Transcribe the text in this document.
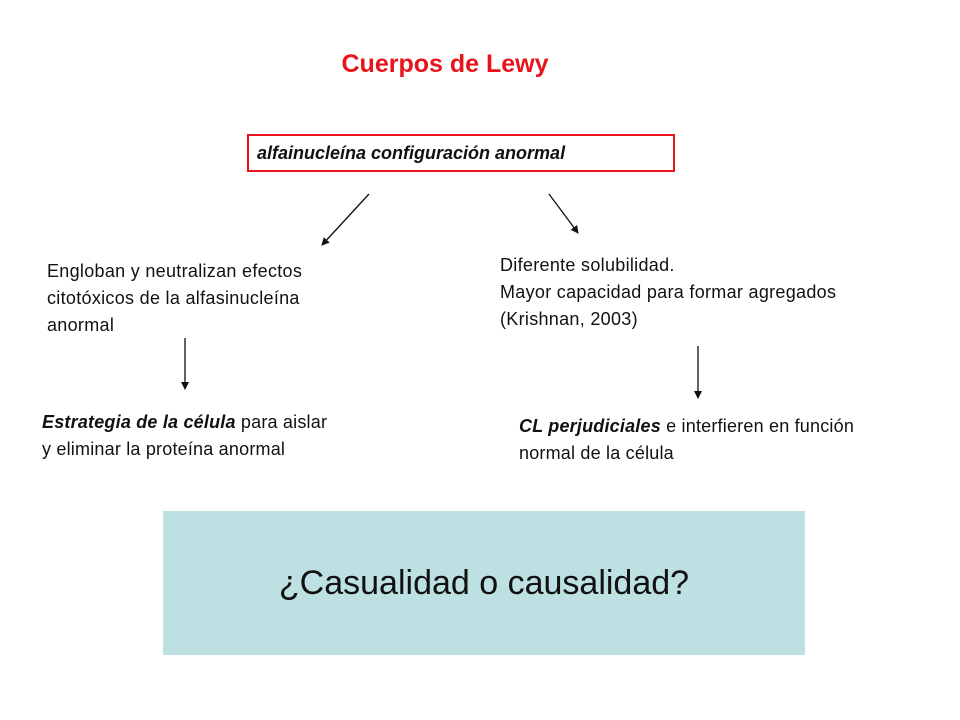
Cuerpos de Lewy
alfainucleína configuración anormal
Engloban y neutralizan efectos
citotóxicos de la alfasinucleína
anormal
Diferente solubilidad.
Mayor capacidad para formar agregados
(Krishnan, 2003)
Estrategia de la célula para aislar
y eliminar la proteína anormal
CL perjudiciales e interfieren en función
normal de la célula
¿Casualidad o causalidad?
